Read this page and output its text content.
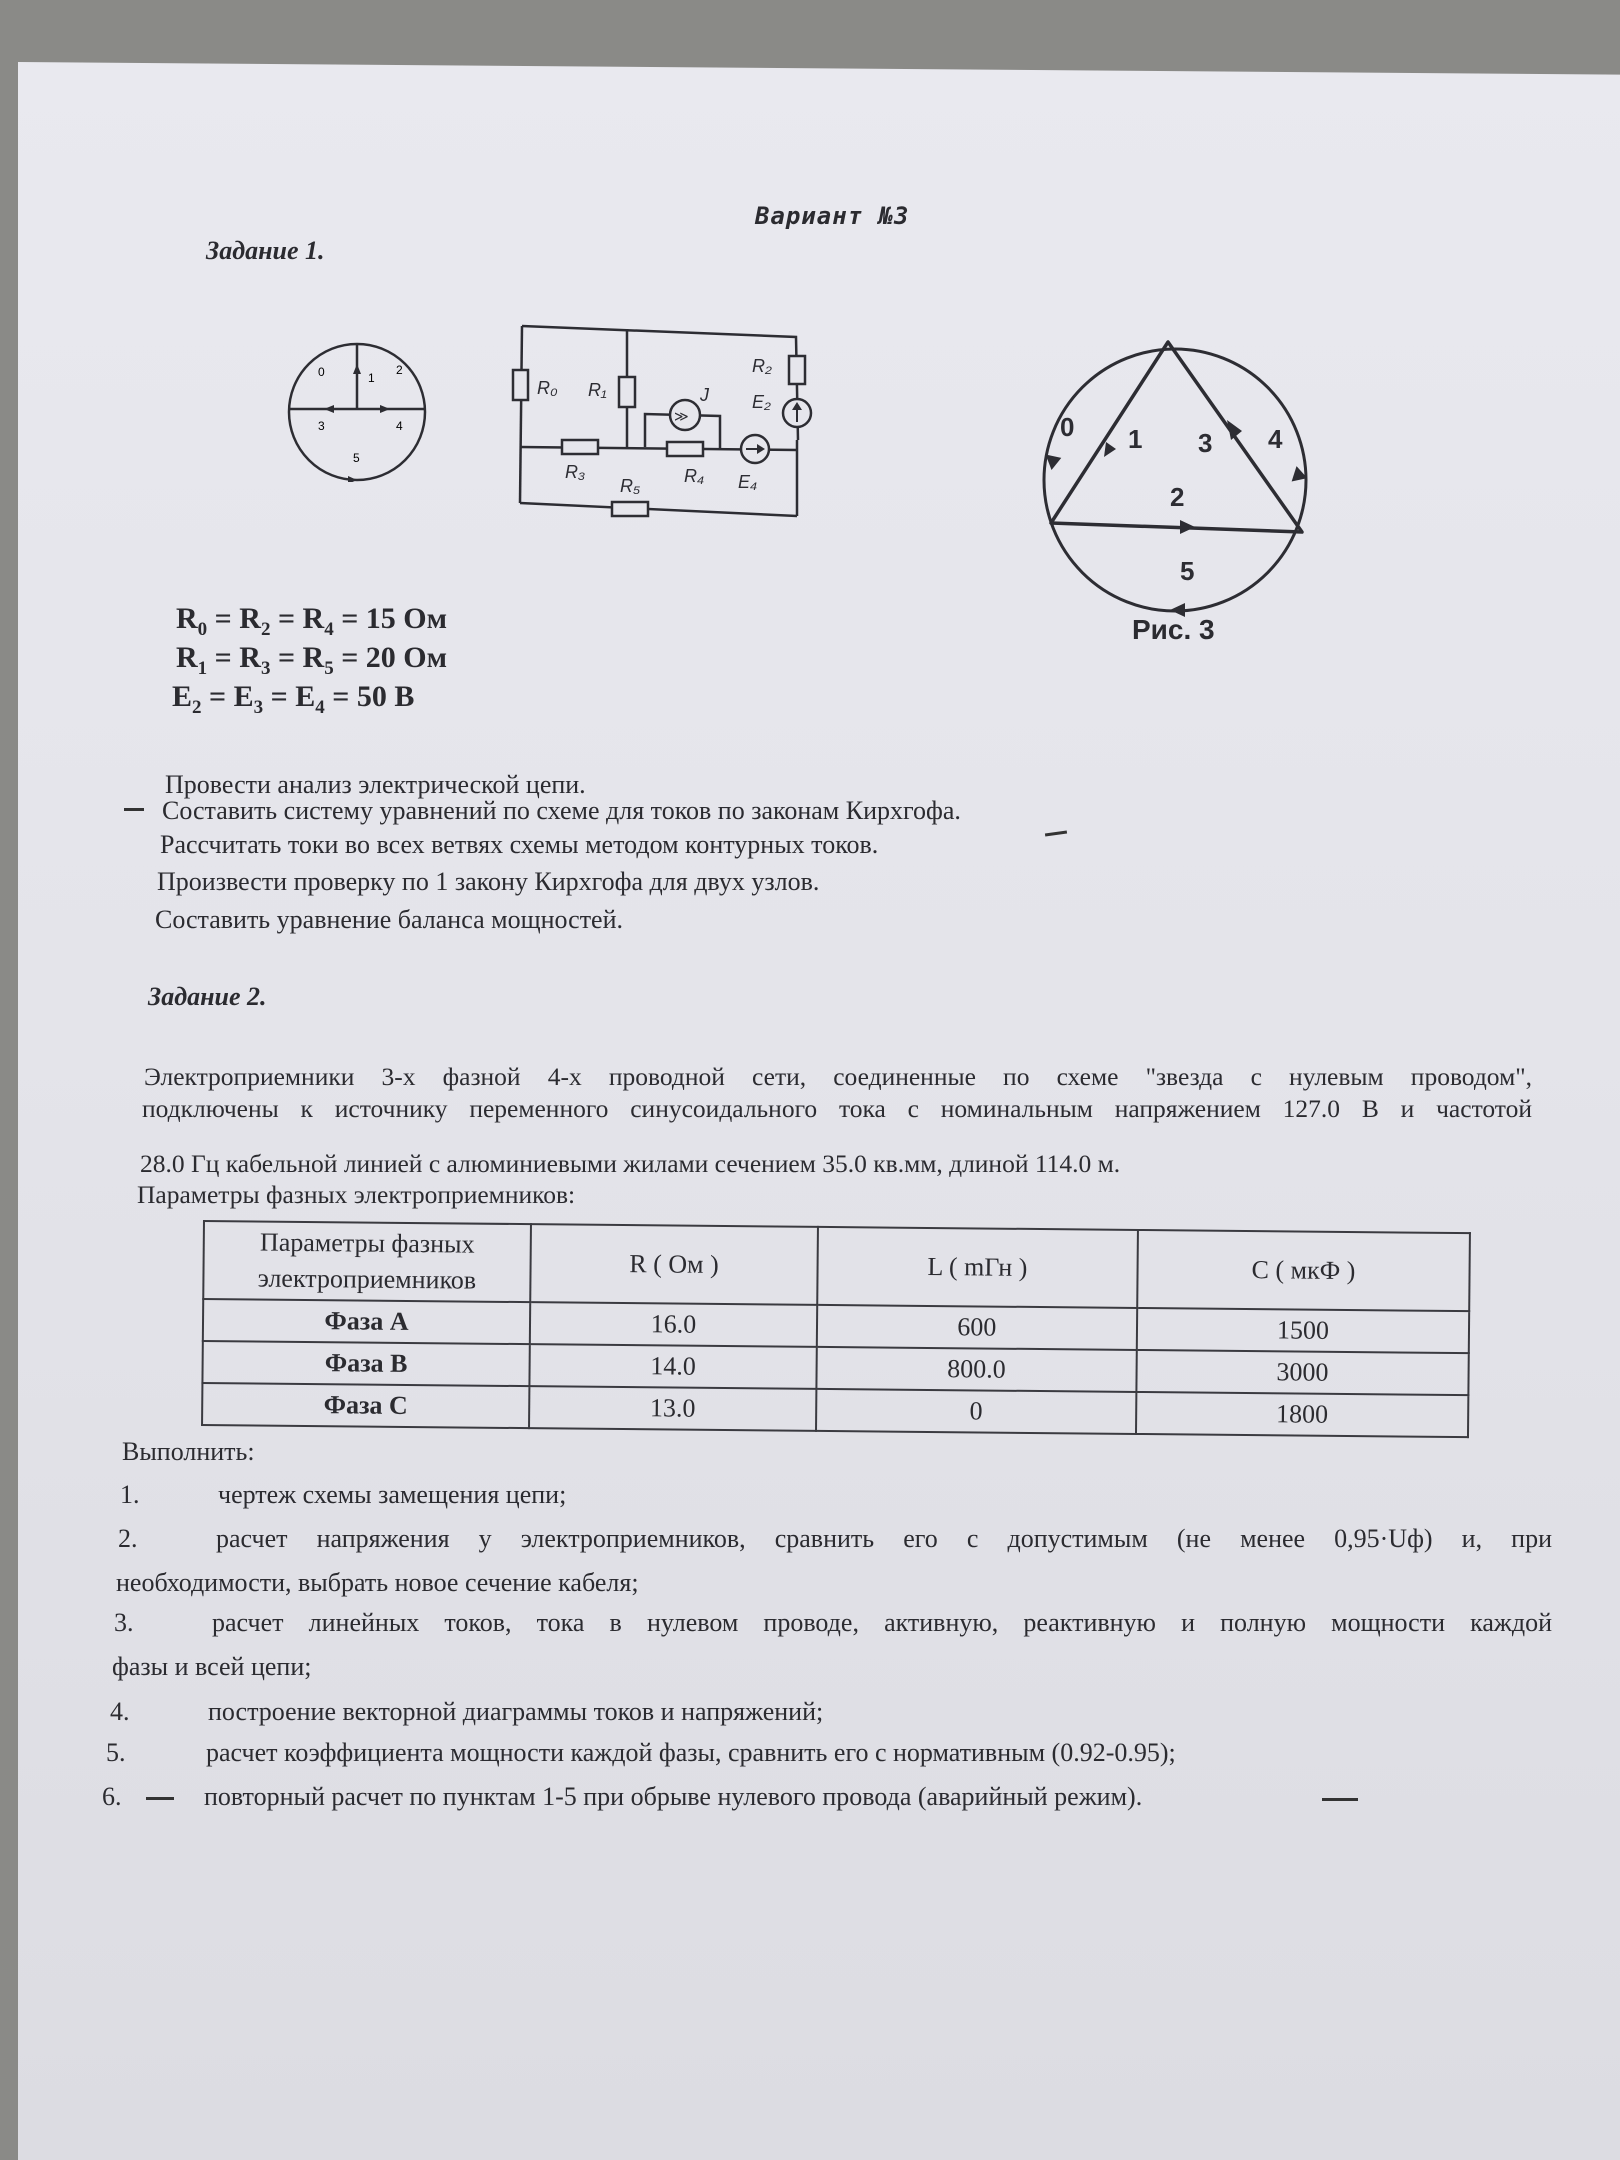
Вариант №3
Задание 1.
0	1
2
3	4
5
≫
R₀ R₁
R₂
E₂
J
R₃
R₅ R₄ E₄
0 1 3 4
2
5
Рис. 3
$R_0 = R_2 = R_4 = 15$ Ом
$R_1 = R_3 = R_5 = 20$ Ом
$E_2 = E_3 = E_4 = 50$ В
Провести анализ электрической цепи.
Составить систему уравнений по схеме для токов по законам Кирхгофа.
Рассчитать токи во всех ветвях схемы методом контурных токов.
Произвести проверку по 1 закону Кирхгофа для двух узлов.
Составить уравнение баланса мощностей.
Задание 2.
Электроприемники 3-х фазной 4-х проводной сети, соединенные по схеме "звезда с нулевым проводом",
подключены к источнику переменного синусоидального тока с номинальным напряжением 127.0 В и частотой
28.0 Гц кабельной линией с алюминиевыми жилами сечением 35.0 кв.мм, длиной 114.0 м.
Параметры фазных электроприемников:
Параметры фазных
электроприемников	R ( Ом )	L ( mГн )	С ( мкФ )
Фаза А	16.0	600	1500
Фаза B	14.0	800.0	3000
Фаза C	13.0	0	1800
Выполнить:
1.	чертеж схемы замещения цепи;
2.	расчет напряжения у электроприемников, сравнить его с допустимым (не менее 0,95·Uф) и, при
необходимости, выбрать новое сечение кабеля;
3.	расчет линейных токов, тока в нулевом проводе, активную, реактивную и полную мощности каждой
фазы и всей цепи;
4.	построение векторной диаграммы токов и напряжений;
5.	расчет коэффициента мощности каждой фазы, сравнить его с нормативным (0.92-0.95);
6.	повторный расчет по пунктам 1-5 при обрыве нулевого провода (аварийный режим).
